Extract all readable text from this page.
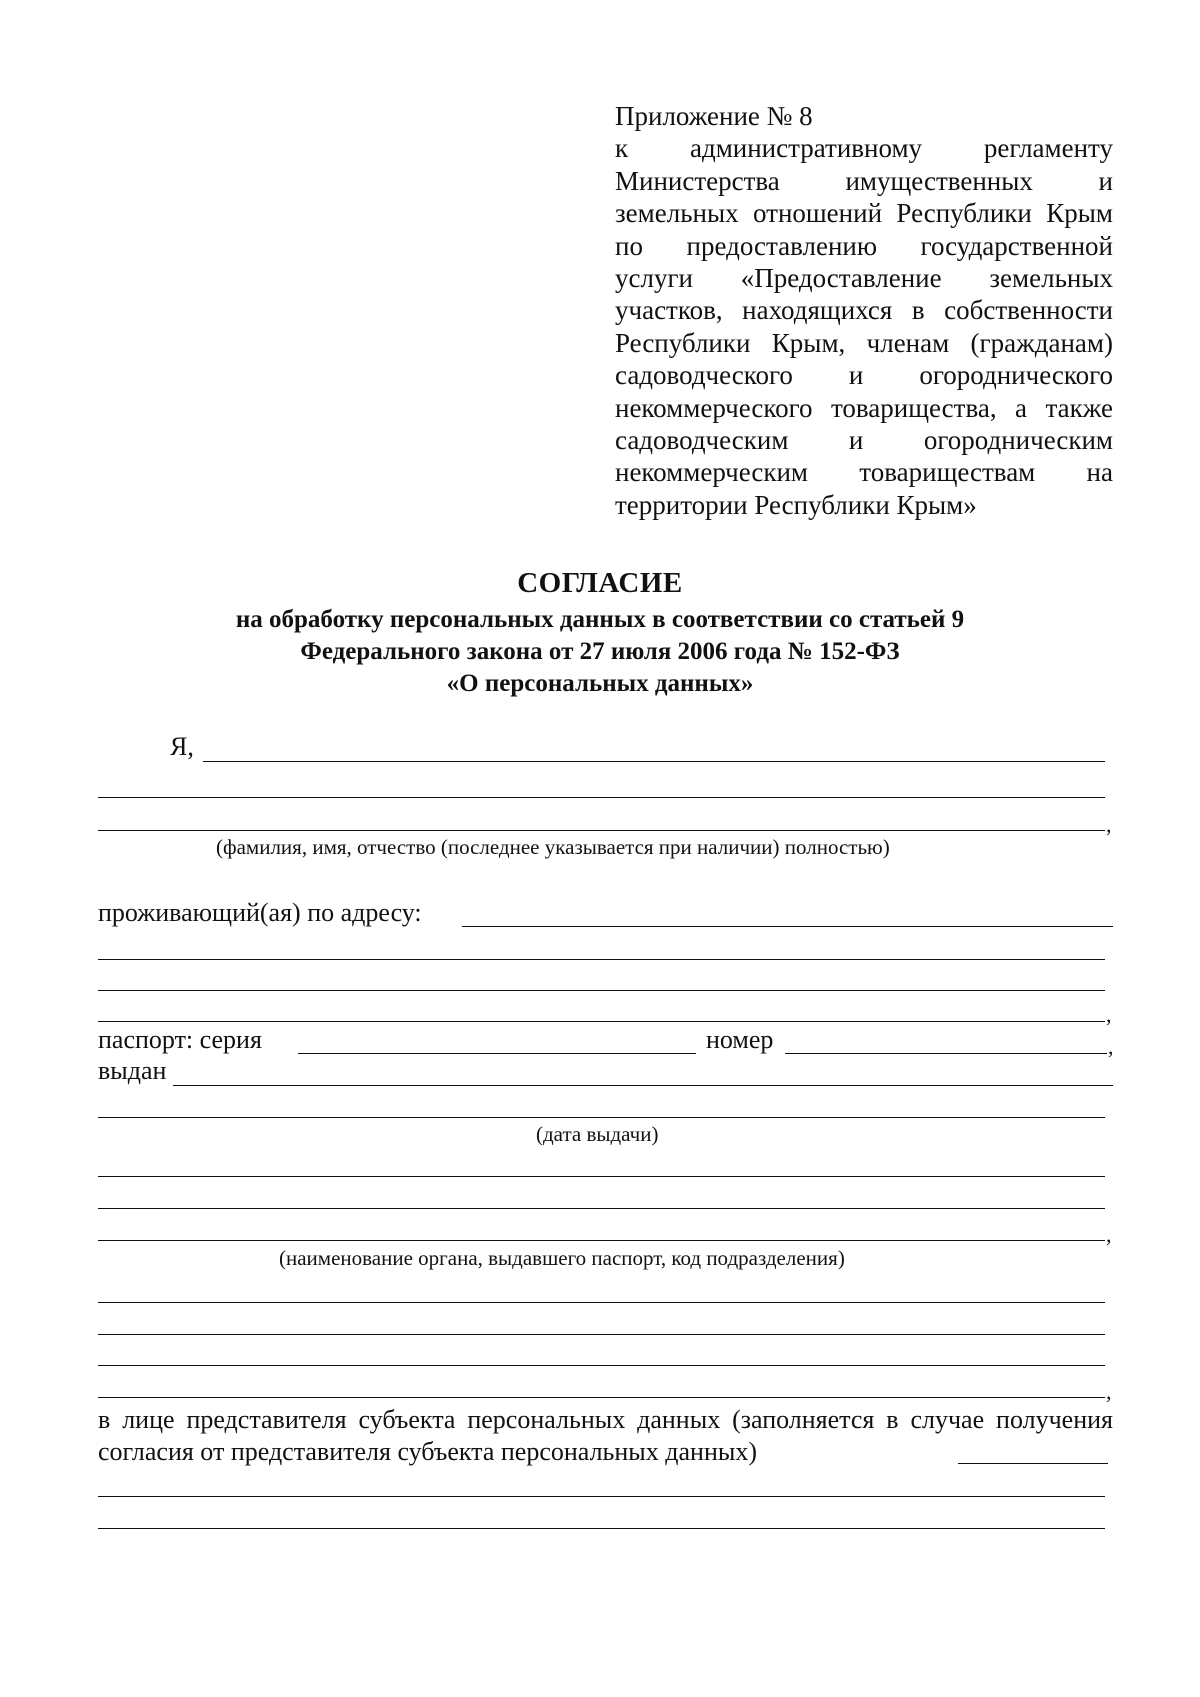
Приложение № 8
к административному регламенту Министерства имущественных и земельных отношений Республики Крым по предоставлению государственной услуги «Предоставление земельных участков, находящихся в собственности Республики Крым, членам (гражданам) садоводческого и огороднического некоммерческого товарищества, а также садоводческим и огородническим некоммерческим товариществам на территории Республики Крым»
СОГЛАСИЕ
на обработку персональных данных в соответствии со статьей 9
Федерального закона от 27 июля 2006 года № 152-ФЗ
«О персональных данных»
Я,
,
(фамилия, имя, отчество (последнее указывается при наличии) полностью)
проживающий(ая) по адресу:
,
паспорт: серия	номер	,
выдан
(дата выдачи)
,
(наименование органа, выдавшего паспорт, код подразделения)
,
в лице представителя субъекта персональных данных (заполняется в случае получения согласия от представителя субъекта персональных данных)
